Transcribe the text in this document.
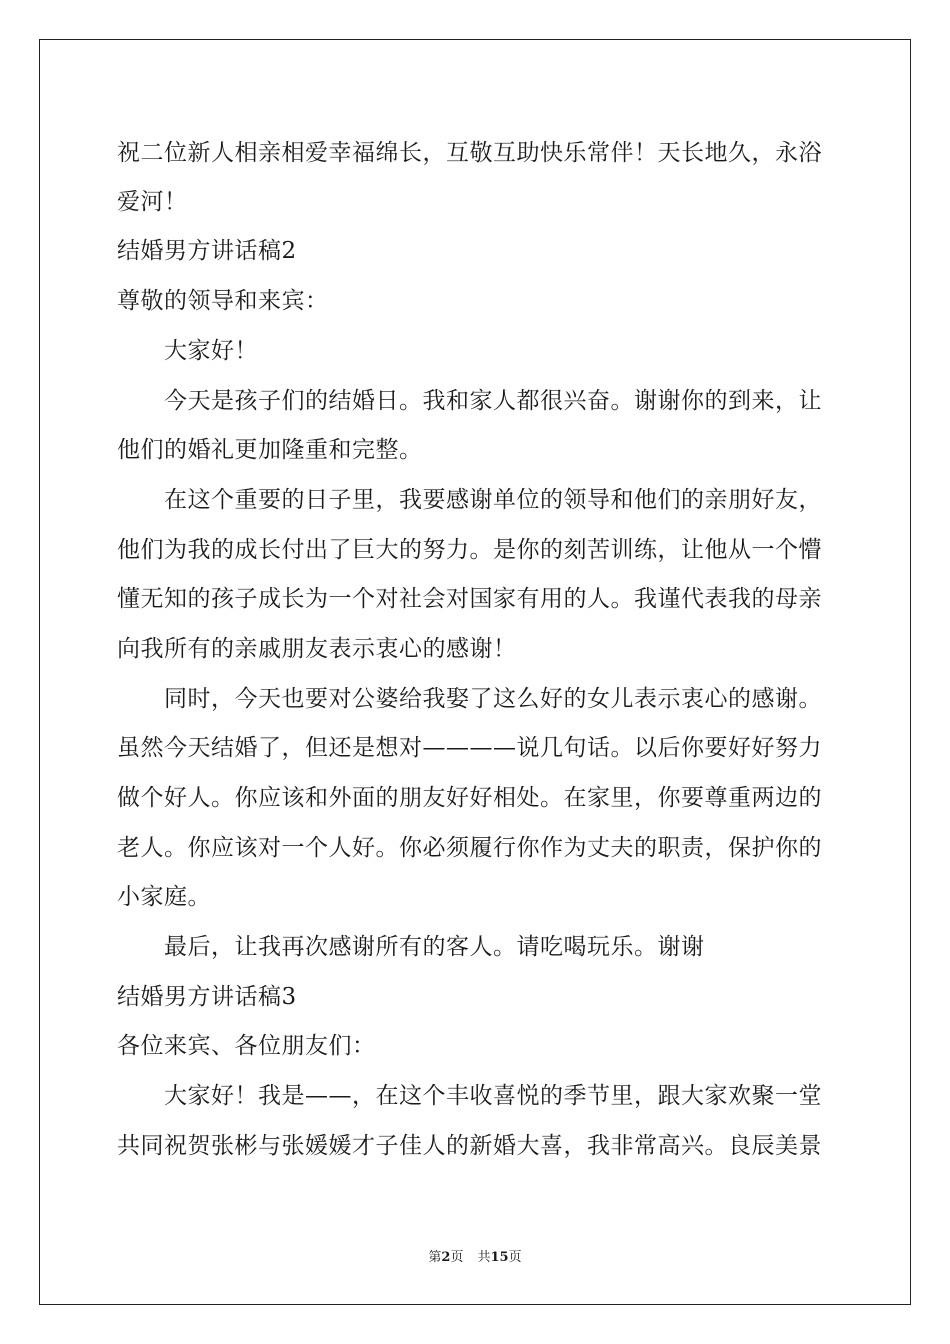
祝二位新人相亲相爱幸福绵长，互敬互助快乐常伴！天长地久，永浴
爱河！
结婚男方讲话稿2
尊敬的领导和来宾：
大家好！
今天是孩子们的结婚日。我和家人都很兴奋。谢谢你的到来，让
他们的婚礼更加隆重和完整。
在这个重要的日子里，我要感谢单位的领导和他们的亲朋好友，
他们为我的成长付出了巨大的努力。是你的刻苦训练，让他从一个懵
懂无知的孩子成长为一个对社会对国家有用的人。我谨代表我的母亲
向我所有的亲戚朋友表示衷心的感谢！
同时，今天也要对公婆给我娶了这么好的女儿表示衷心的感谢。
虽然今天结婚了，但还是想对————说几句话。以后你要好好努力
做个好人。你应该和外面的朋友好好相处。在家里，你要尊重两边的
老人。你应该对一个人好。你必须履行你作为丈夫的职责，保护你的
小家庭。
最后，让我再次感谢所有的客人。请吃喝玩乐。谢谢
结婚男方讲话稿3
各位来宾、各位朋友们：
大家好！我是——，在这个丰收喜悦的季节里，跟大家欢聚一堂
共同祝贺张彬与张媛媛才子佳人的新婚大喜，我非常高兴。良辰美景
第2页 共15页
